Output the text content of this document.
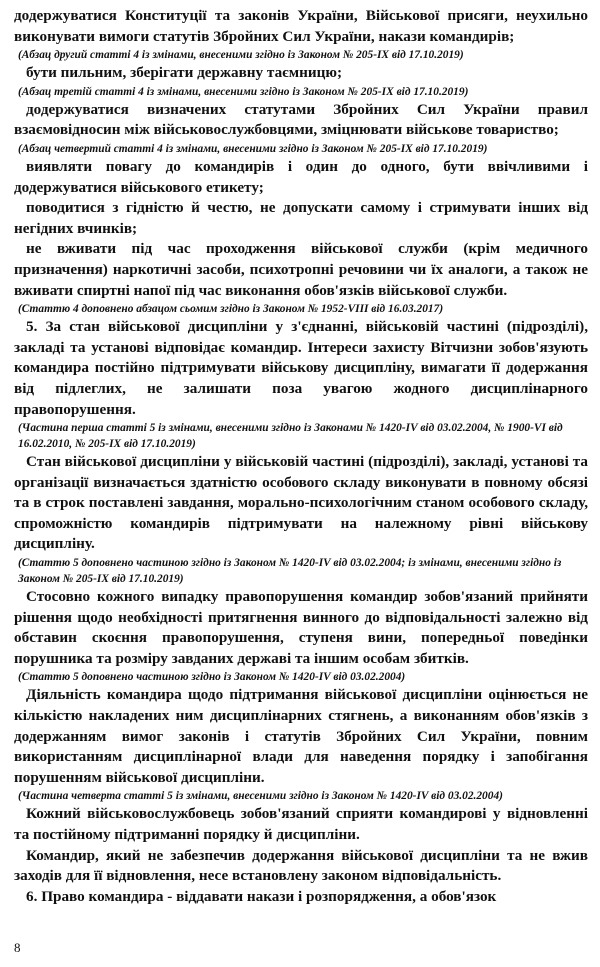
додержуватися Конституції та законів України, Військової присяги, неухильно виконувати вимоги статутів Збройних Сил України, накази командирів;

(Абзац другий статті 4 із змінами, внесеними згідно із Законом № 205-IX від 17.10.2019)

бути пильним, зберігати державну таємницю;

(Абзац третій статті 4 із змінами, внесеними згідно із Законом № 205-IX від 17.10.2019)

додержуватися визначених статутами Збройних Сил України правил взаємовідносин між військовослужбовцями, зміцнювати військове товариство;

(Абзац четвертий статті 4 із змінами, внесеними згідно із Законом № 205-IX від 17.10.2019)

виявляти повагу до командирів і один до одного, бути ввічливими і додержуватися військового етикету;

поводитися з гідністю й честю, не допускати самому і стримувати інших від негідних вчинків;

не вживати під час проходження військової служби (крім медичного призначення) наркотичні засоби, психотропні речовини чи їх аналоги, а також не вживати спиртні напої під час виконання обов'язків військової служби.

(Статтю 4 доповнено абзацом сьомим згідно із Законом № 1952-VIII від 16.03.2017)

5. За стан військової дисципліни у з'єднанні, військовій частині (підрозділі), закладі та установі відповідає командир. Інтереси захисту Вітчизни зобов'язують командира постійно підтримувати військову дисципліну, вимагати її додержання від підлеглих, не залишати поза увагою жодного дисциплінарного правопорушення.

(Частина перша статті 5 із змінами, внесеними згідно із Законами № 1420-IV від 03.02.2004, № 1900-VI від 16.02.2010, № 205-IX від 17.10.2019)

Стан військової дисципліни у військовій частині (підрозділі), закладі, установі та організації визначається здатністю особового складу виконувати в повному обсязі та в строк поставлені завдання, морально-психологічним станом особового складу, спроможністю командирів підтримувати на належному рівні військову дисципліну.

(Статтю 5 доповнено частиною згідно із Законом № 1420-IV від 03.02.2004; із змінами, внесеними згідно із Законом № 205-IX від 17.10.2019)

Стосовно кожного випадку правопорушення командир зобов'язаний прийняти рішення щодо необхідності притягнення винного до відповідальності залежно від обставин скоєння правопорушення, ступеня вини, попередньої поведінки порушника та розміру завданих державі та іншим особам збитків.

(Статтю 5 доповнено частиною згідно із Законом № 1420-IV від 03.02.2004)

Діяльність командира щодо підтримання військової дисципліни оцінюється не кількістю накладених ним дисциплінарних стягнень, а виконанням обов'язків з додержанням вимог законів і статутів Збройних Сил України, повним використанням дисциплінарної влади для наведення порядку і запобігання порушенням військової дисципліни.

(Частина четверта статті 5 із змінами, внесеними згідно із Законом № 1420-IV від 03.02.2004)

Кожний військовослужбовець зобов'язаний сприяти командирові у відновленні та постійному підтриманні порядку й дисципліни.

Командир, який не забезпечив додержання військової дисципліни та не вжив заходів для її відновлення, несе встановлену законом відповідальність.

6. Право командира - віддавати накази і розпорядження, а обов'язок

8
